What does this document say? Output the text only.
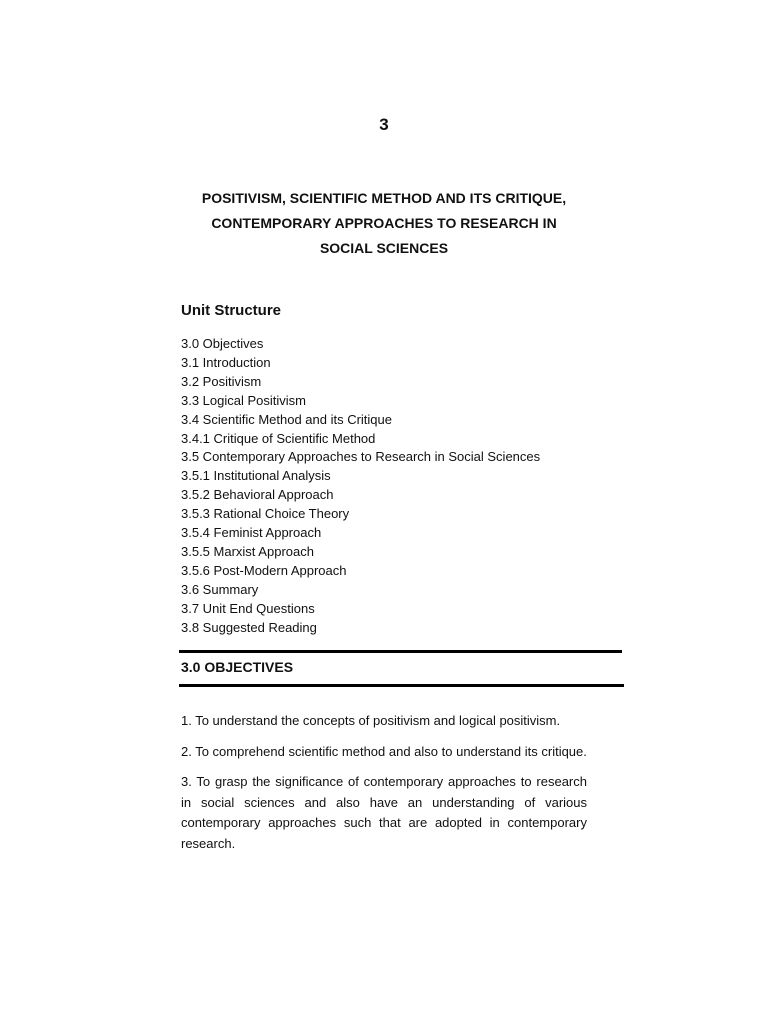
3
POSITIVISM, SCIENTIFIC METHOD AND ITS CRITIQUE,
CONTEMPORARY APPROACHES TO RESEARCH IN
SOCIAL SCIENCES
Unit Structure
3.0 Objectives
3.1 Introduction
3.2 Positivism
3.3 Logical Positivism
3.4 Scientific Method and its Critique
3.4.1 Critique of Scientific Method
3.5 Contemporary Approaches to Research in Social Sciences
3.5.1 Institutional Analysis
3.5.2 Behavioral Approach
3.5.3 Rational Choice Theory
3.5.4 Feminist Approach
3.5.5 Marxist Approach
3.5.6 Post-Modern Approach
3.6 Summary
3.7 Unit End Questions
3.8 Suggested Reading
3.0 OBJECTIVES

1. To understand the concepts of positivism and logical positivism.

2. To comprehend scientific method and also to understand its critique.

3. To grasp the significance of contemporary approaches to research in social sciences and also have an understanding of various contemporary approaches such that are adopted in contemporary research.
